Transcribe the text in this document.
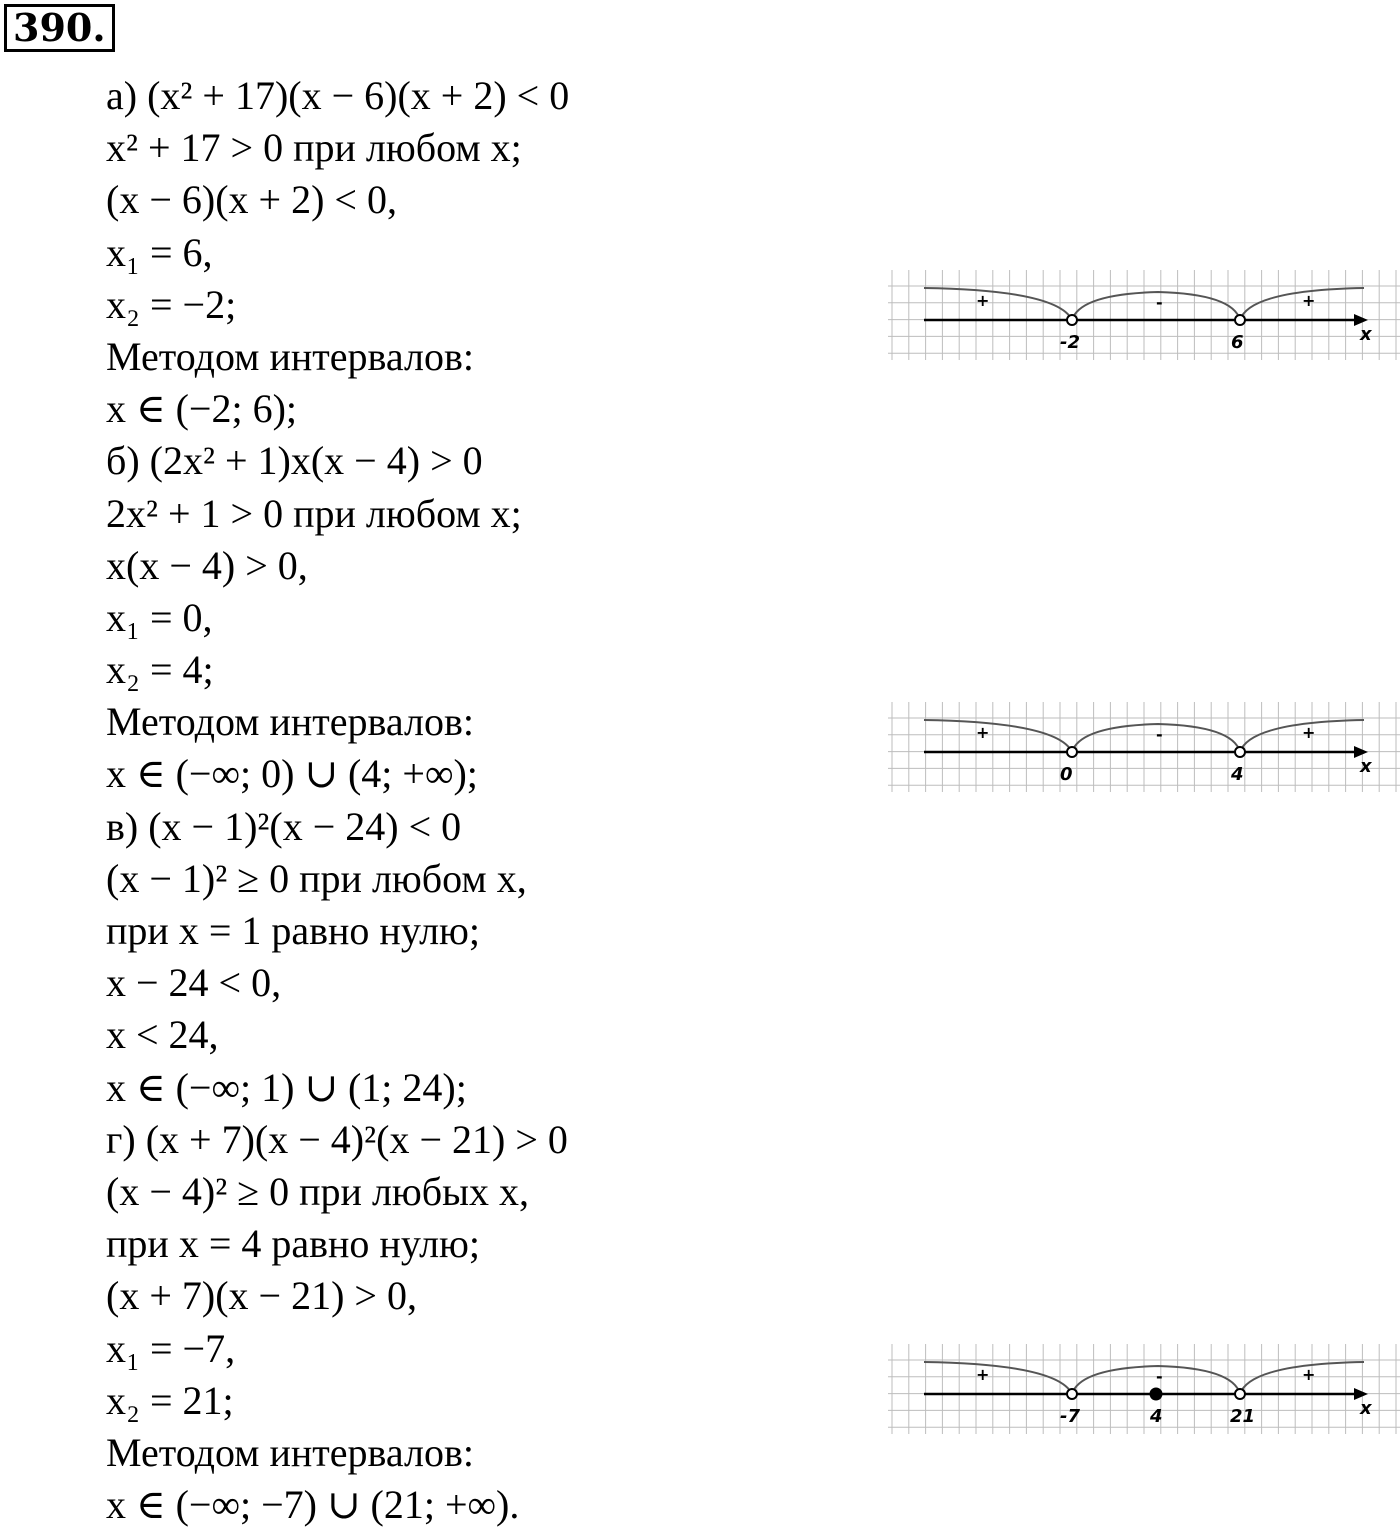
390.
а) (x² + 17)(x − 6)(x + 2) < 0
x² + 17 > 0 при любом x;
(x − 6)(x + 2) < 0,
x₁ = 6,
x₂ = −2;
Методом интервалов:
x ∈ (−2; 6);
б) (2x² + 1)x(x − 4) > 0
2x² + 1 > 0 при любом x;
x(x − 4) > 0,
x₁ = 0,
x₂ = 4;
Методом интервалов:
x ∈ (−∞; 0) ∪ (4; +∞);
в) (x − 1)²(x − 24) < 0
(x − 1)² ≥ 0 при любом x,
при x = 1 равно нулю;
x − 24 < 0,
x < 24,
x ∈ (−∞; 1) ∪ (1; 24);
г) (x + 7)(x − 4)²(x − 21) > 0
(x − 4)² ≥ 0 при любых x,
при x = 4 равно нулю;
(x + 7)(x − 21) > 0,
x₁ = −7,
x₂ = 21;
Методом интервалов:
x ∈ (−∞; −7) ∪ (21; +∞).
+	-	+
-2	6	x
+	-	+
0	4	x
+	-	+
-7	4	21	x
